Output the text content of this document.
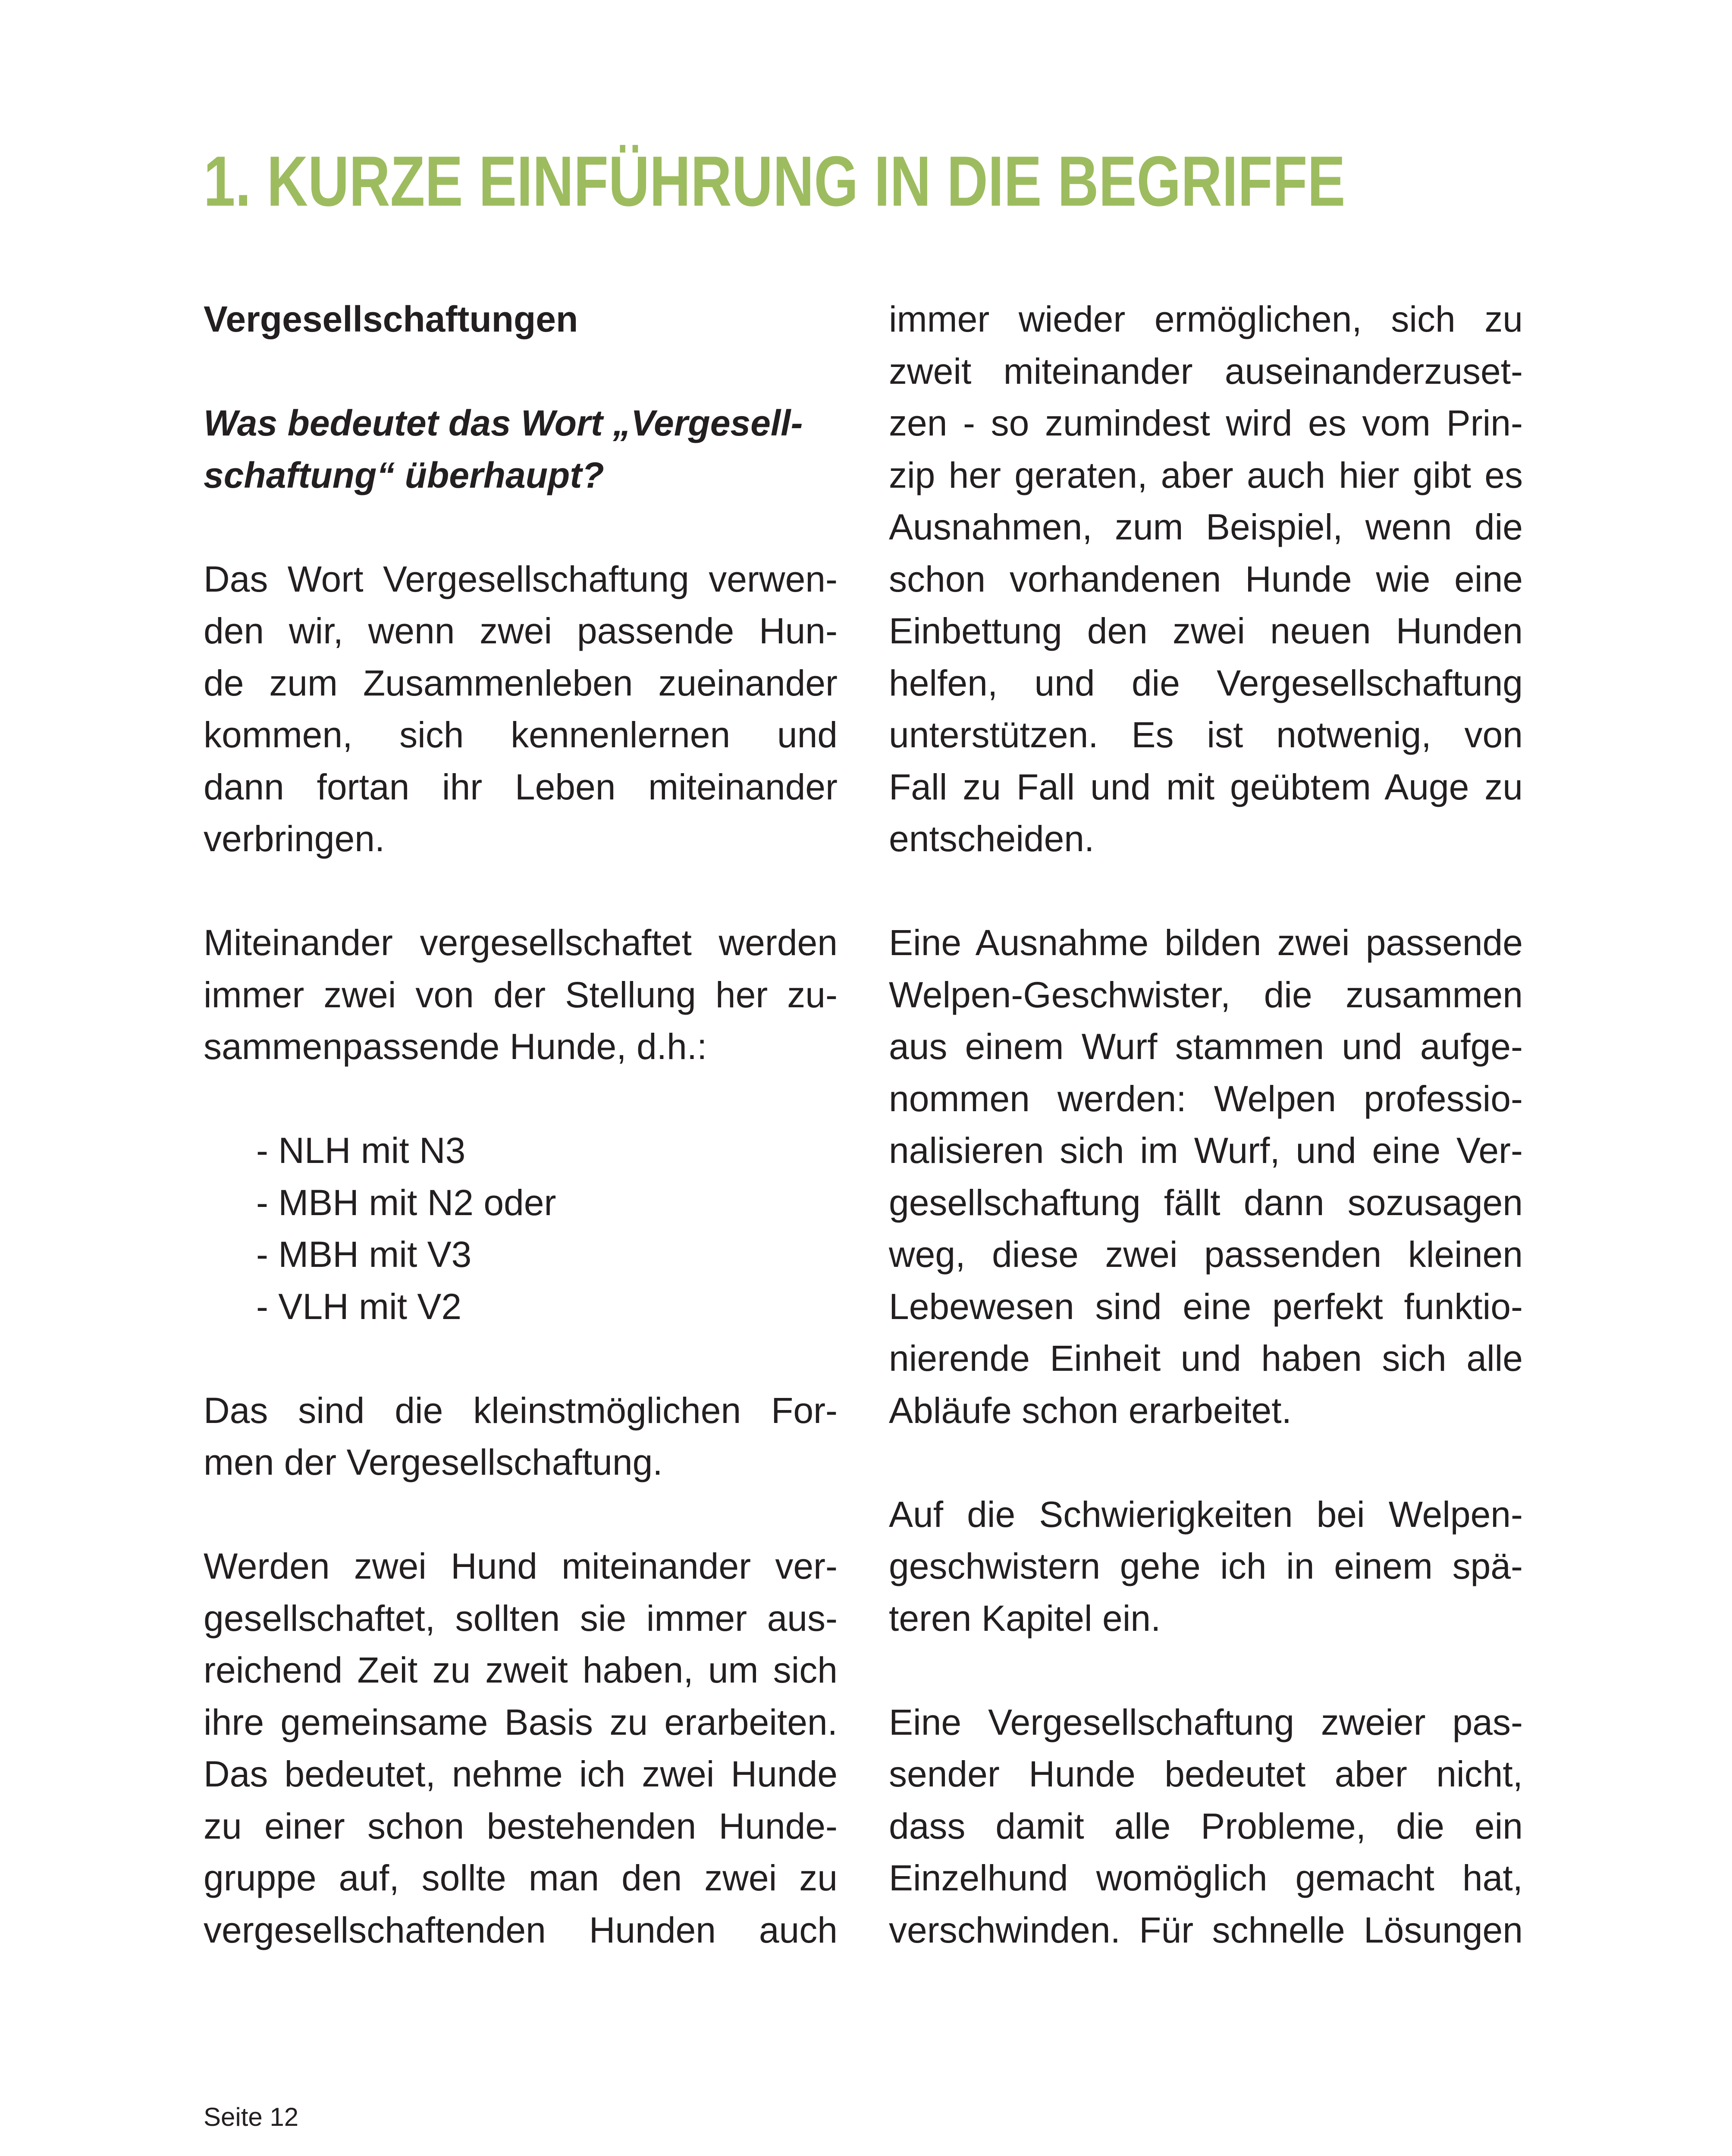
1. KURZE EINFÜHRUNG IN DIE BEGRIFFE
Vergesellschaftungen
Was bedeutet das Wort „Vergesell-
schaftung“ überhaupt?
Das Wort Vergesellschaftung verwen-
den wir, wenn zwei passende Hun-
de zum Zusammenleben zueinander
kommen, sich kennenlernen und
dann fortan ihr Leben miteinander
verbringen.
Miteinander vergesellschaftet werden
immer zwei von der Stellung her zu-
sammenpassende Hunde, d.h.:
- NLH mit N3
- MBH mit N2 oder
- MBH mit V3
- VLH mit V2
Das sind die kleinstmöglichen For-
men der Vergesellschaftung.
Werden zwei Hund miteinander ver-
gesellschaftet, sollten sie immer aus-
reichend Zeit zu zweit haben, um sich
ihre gemeinsame Basis zu erarbeiten.
Das bedeutet, nehme ich zwei Hunde
zu einer schon bestehenden Hunde-
gruppe auf, sollte man den zwei zu
vergesellschaftenden Hunden auch
immer wieder ermöglichen, sich zu
zweit miteinander auseinanderzuset-
zen - so zumindest wird es vom Prin-
zip her geraten, aber auch hier gibt es
Ausnahmen, zum Beispiel, wenn die
schon vorhandenen Hunde wie eine
Einbettung den zwei neuen Hunden
helfen, und die Vergesellschaftung
unterstützen. Es ist notwenig, von
Fall zu Fall und mit geübtem Auge zu
entscheiden.
Eine Ausnahme bilden zwei passende
Welpen-Geschwister, die zusammen
aus einem Wurf stammen und aufge-
nommen werden: Welpen professio-
nalisieren sich im Wurf, und eine Ver-
gesellschaftung fällt dann sozusagen
weg, diese zwei passenden kleinen
Lebewesen sind eine perfekt funktio-
nierende Einheit und haben sich alle
Abläufe schon erarbeitet.
Auf die Schwierigkeiten bei Welpen-
geschwistern gehe ich in einem spä-
teren Kapitel ein.
Eine Vergesellschaftung zweier pas-
sender Hunde bedeutet aber nicht,
dass damit alle Probleme, die ein
Einzelhund womöglich gemacht hat,
verschwinden. Für schnelle Lösungen
Seite 12
